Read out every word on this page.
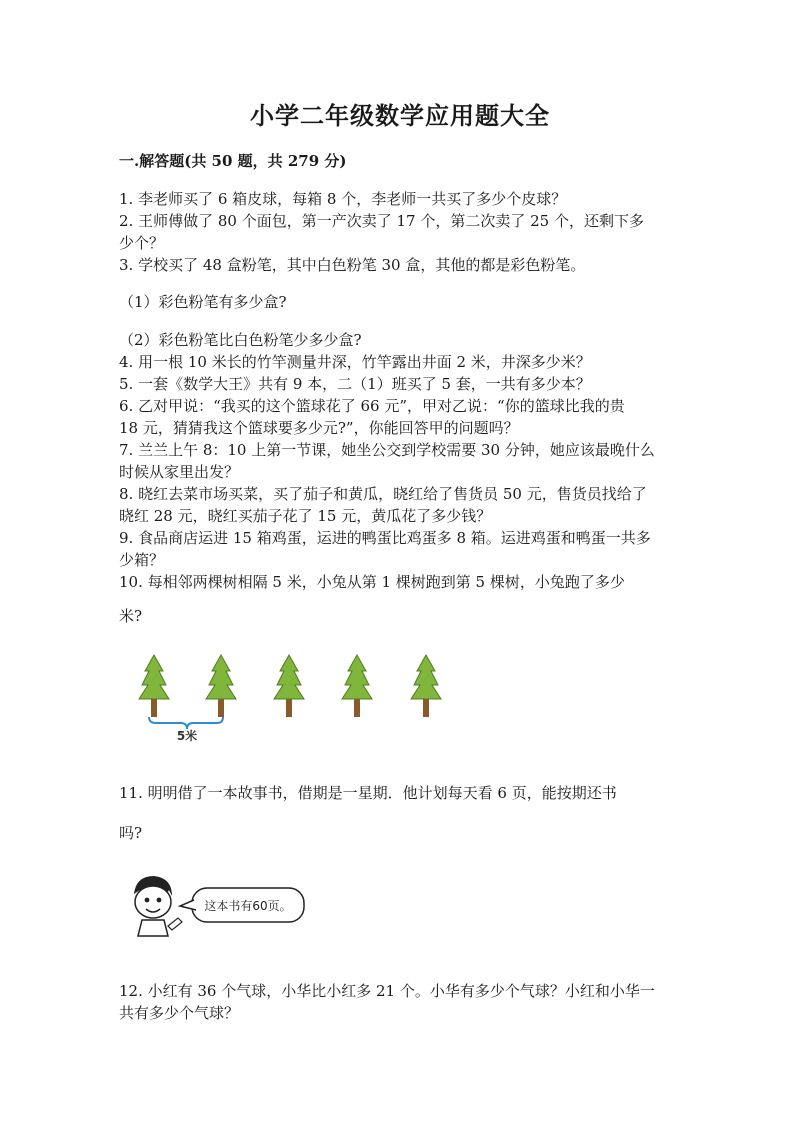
小学二年级数学应用题大全
一.解答题(共 50 题，共 279 分)
1. 李老师买了 6 箱皮球，每箱 8 个，李老师一共买了多少个皮球？
2. 王师傅做了 80 个面包，第一产次卖了 17 个，第二次卖了 25 个，还剩下多
少个？
3. 学校买了 48 盒粉笔，其中白色粉笔 30 盒，其他的都是彩色粉笔。
（1）彩色粉笔有多少盒?
（2）彩色粉笔比白色粉笔少多少盒?
4. 用一根 10 米长的竹竿测量井深，竹竿露出井面 2 米，井深多少米？
5. 一套《数学大王》共有 9 本，二（1）班买了 5 套，一共有多少本？
6. 乙对甲说：“我买的这个篮球花了 66 元”，甲对乙说：“你的篮球比我的贵
18 元，猜猜我这个篮球要多少元?”，你能回答甲的问题吗？
7. 兰兰上午 8：10 上第一节课，她坐公交到学校需要 30 分钟，她应该最晚什么
时候从家里出发？
8. 晓红去菜市场买菜，买了茄子和黄瓜，晓红给了售货员 50 元，售货员找给了
晓红 28 元，晓红买茄子花了 15 元，黄瓜花了多少钱？
9. 食品商店运进 15 箱鸡蛋，运进的鸭蛋比鸡蛋多 8 箱。运进鸡蛋和鸭蛋一共多
少箱？
10. 每相邻两棵树相隔 5 米，小兔从第 1 棵树跑到第 5 棵树，小兔跑了多少
米?
5米
11. 明明借了一本故事书，借期是一星期．他计划每天看 6 页，能按期还书
吗?
这本书有60页。
12. 小红有 36 个气球，小华比小红多 21 个。小华有多少个气球？小红和小华一
共有多少个气球？
